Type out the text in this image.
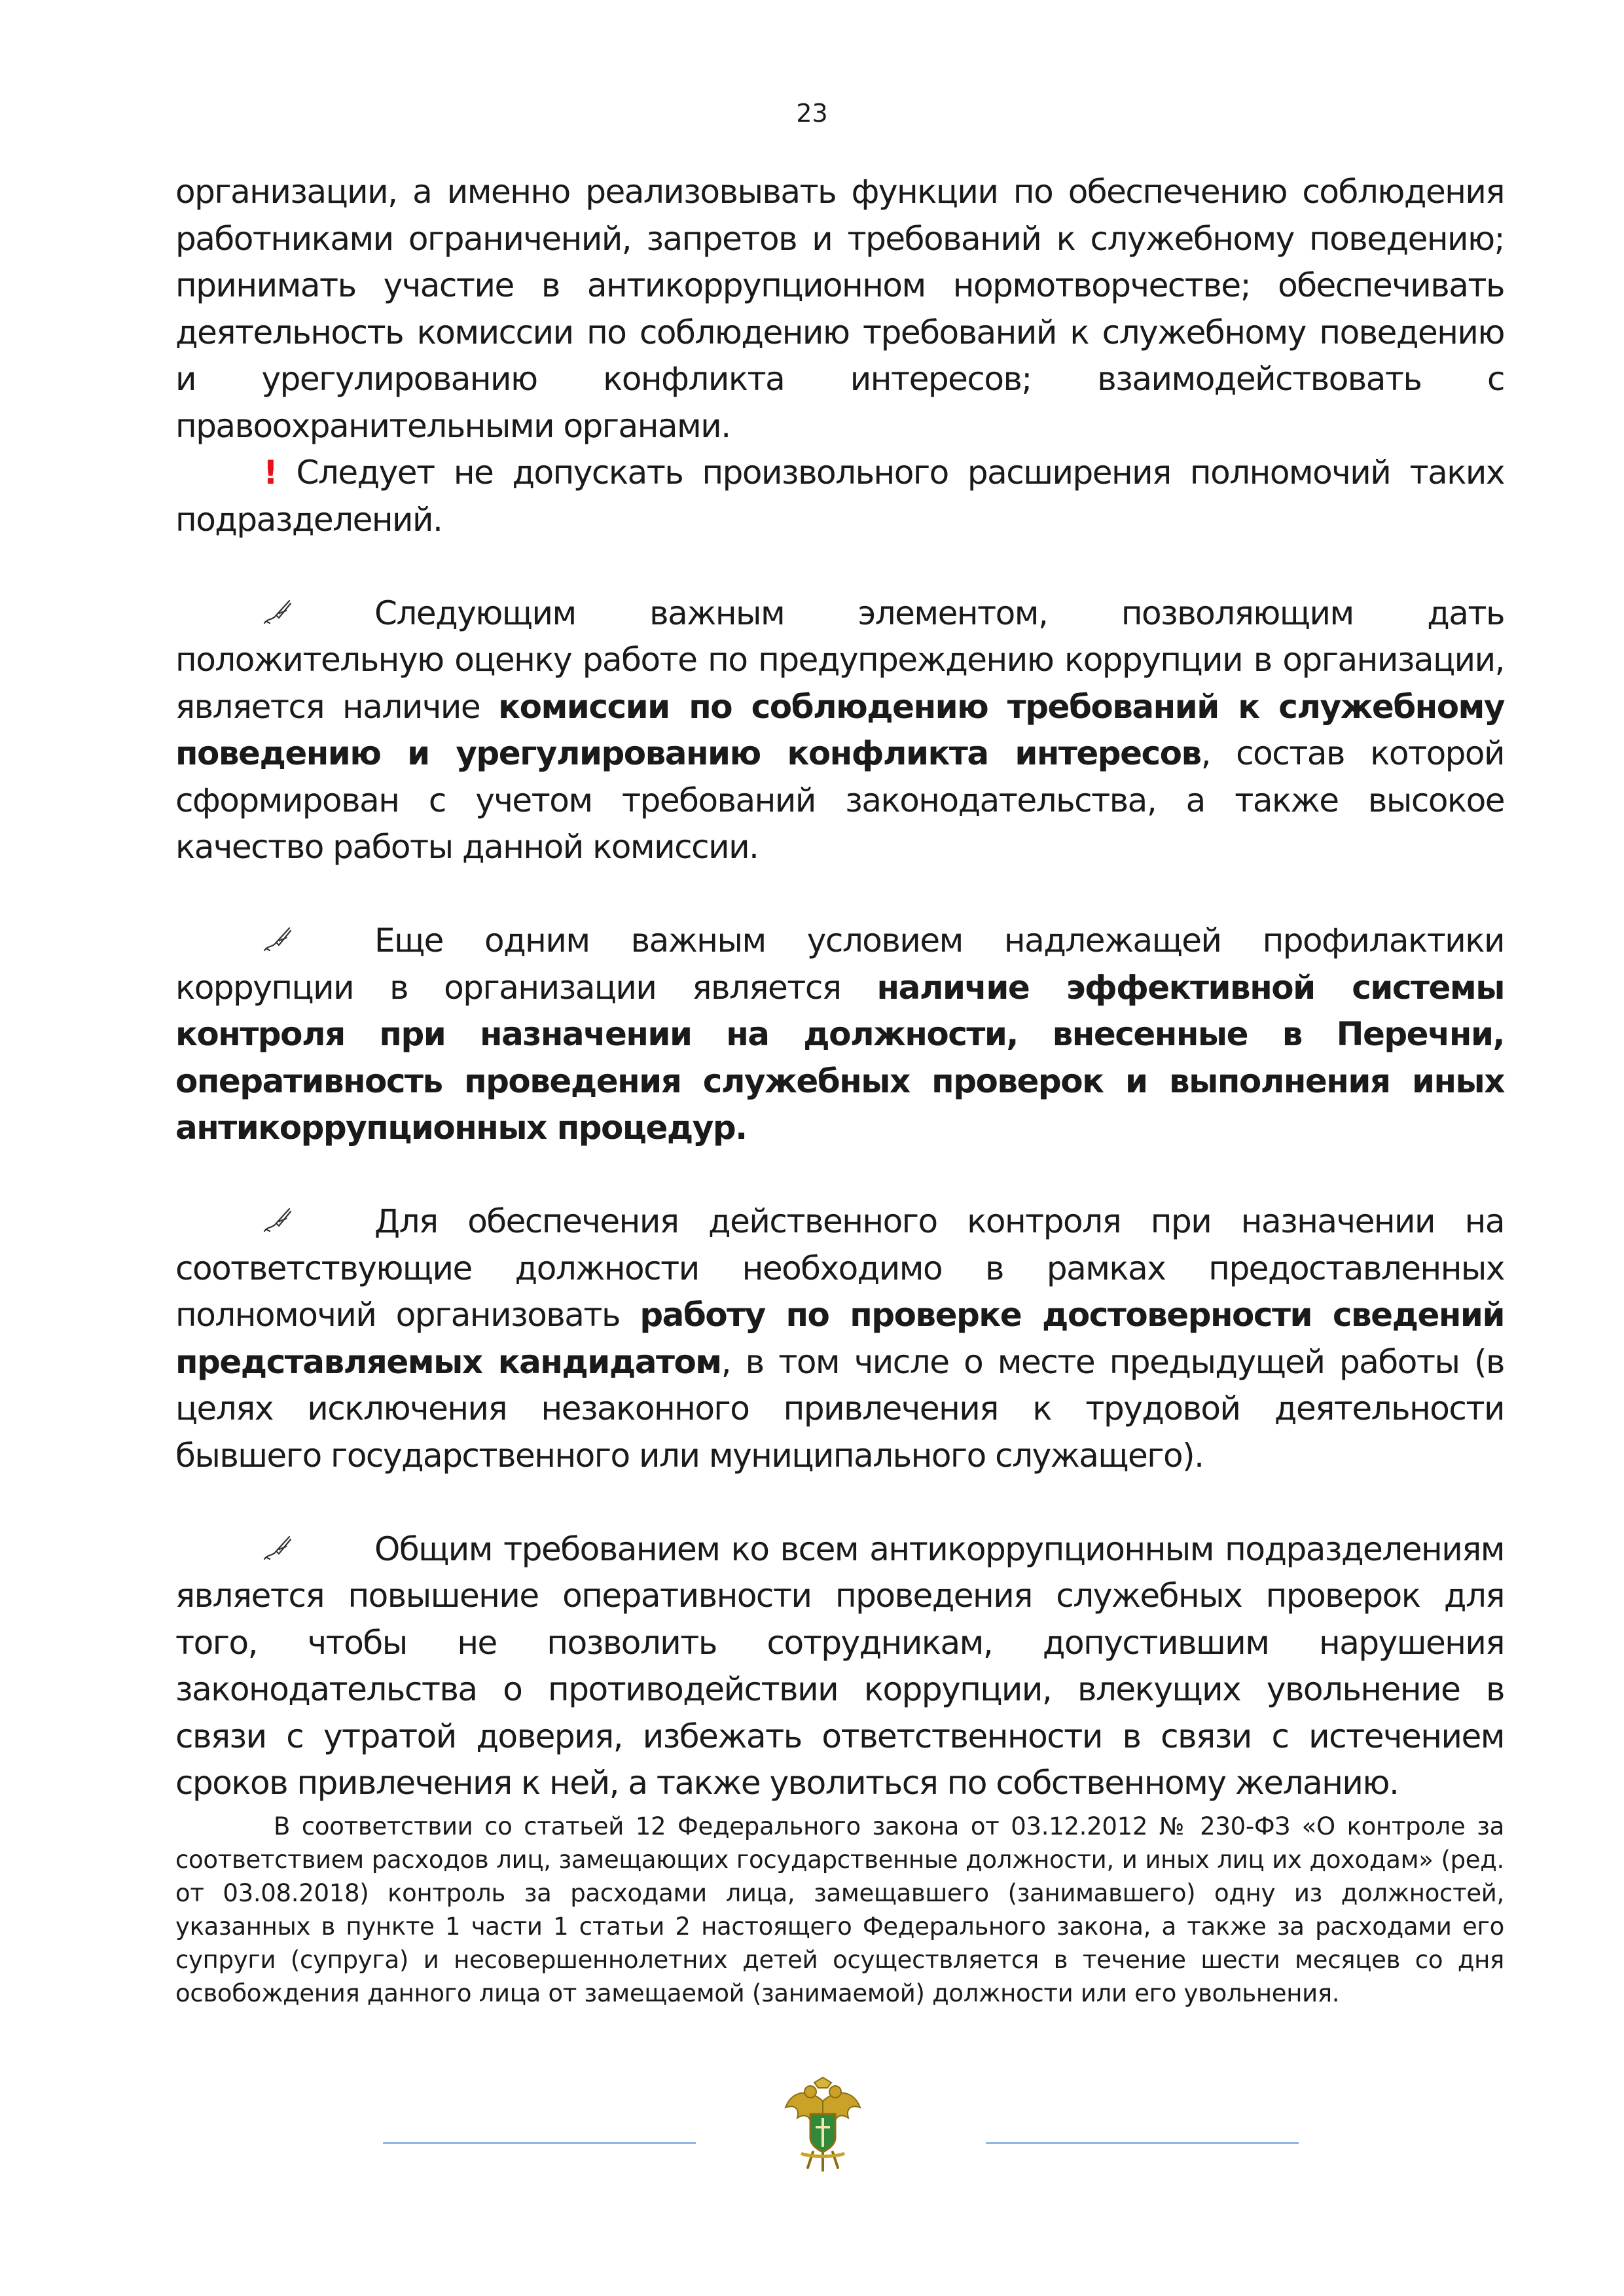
23

организации, а именно реализовывать функции по обеспечению соблюдения работниками ограничений, запретов и требований к служебному поведению; принимать участие в антикоррупционном нормотворчестве; обеспечивать деятельность комиссии по соблюдению требований к служебному поведению и урегулированию конфликта интересов; взаимодействовать с правоохранительными органами.

! Следует не допускать произвольного расширения полномочий таких подразделений.

Следующим важным элементом, позволяющим дать положительную оценку работе по предупреждению коррупции в организации, является наличие комиссии по соблюдению требований к служебному поведению и урегулированию конфликта интересов, состав которой сформирован с учетом требований законодательства, а также высокое качество работы данной комиссии.

Еще одним важным условием надлежащей профилактики коррупции в организации является наличие эффективной системы контроля при назначении на должности, внесенные в Перечни, оперативность проведения служебных проверок и выполнения иных антикоррупционных процедур.

Для обеспечения действенного контроля при назначении на соответствующие должности необходимо в рамках предоставленных полномочий организовать работу по проверке достоверности сведений представляемых кандидатом, в том числе о месте предыдущей работы (в целях исключения незаконного привлечения к трудовой деятельности бывшего государственного или муниципального служащего).

Общим требованием ко всем антикоррупционным подразделениям является повышение оперативности проведения служебных проверок для того, чтобы не позволить сотрудникам, допустившим нарушения законодательства о противодействии коррупции, влекущих увольнение в связи с утратой доверия, избежать ответственности в связи с истечением сроков привлечения к ней, а также уволиться по собственному желанию.

В соответствии со статьей 12 Федерального закона от 03.12.2012 № 230-ФЗ «О контроле за соответствием расходов лиц, замещающих государственные должности, и иных лиц их доходам» (ред. от 03.08.2018) контроль за расходами лица, замещавшего (занимавшего) одну из должностей, указанных в пункте 1 части 1 статьи 2 настоящего Федерального закона, а также за расходами его супруги (супруга) и несовершеннолетних детей осуществляется в течение шести месяцев со дня освобождения данного лица от замещаемой (занимаемой) должности или его увольнения.
